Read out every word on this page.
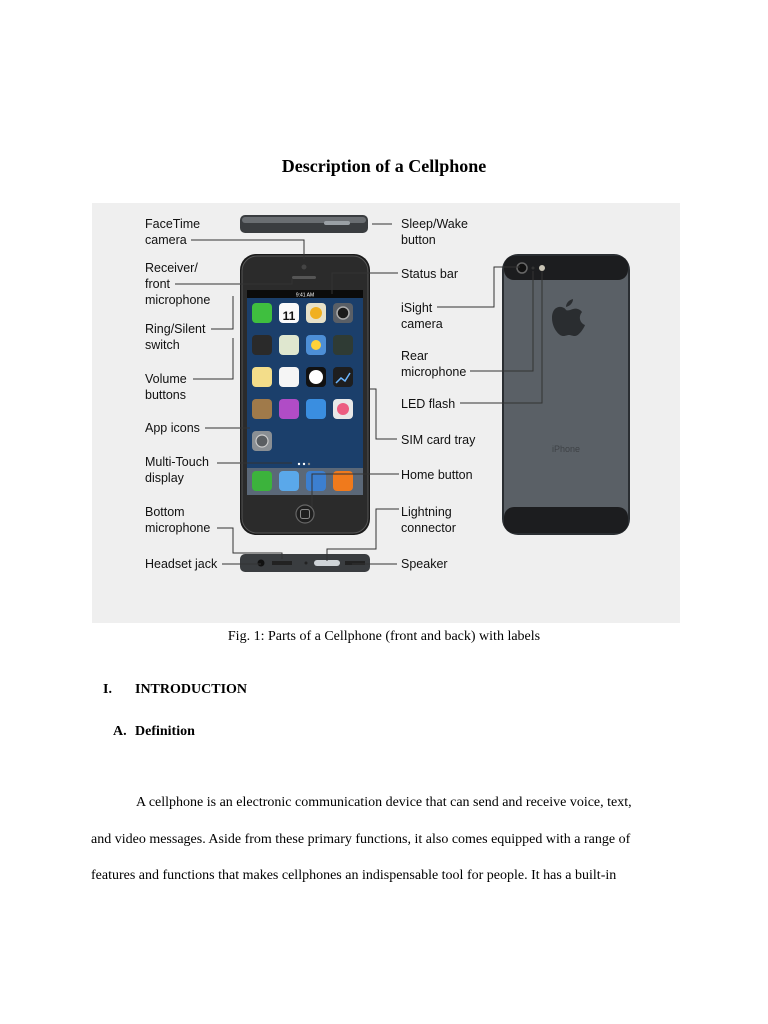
Description of a Cellphone
9:41 AM
11
iPhone
FaceTime
camera
Receiver/
front
microphone
Ring/Silent
switch
Volume
buttons
App icons
Multi-Touch
display
Bottom
microphone
Headset jack
Sleep/Wake
button
Status bar
iSight
camera
Rear
microphone
LED flash
SIM card tray
Home button
Lightning
connector
Speaker
Fig. 1: Parts of a Cellphone (front and back) with labels
I. INTRODUCTION
A. Definition
A cellphone is an electronic communication device that can send and receive voice, text,
and video messages. Aside from these primary functions, it also comes equipped with a range of
features and functions that makes cellphones an indispensable tool for people. It has a built-in
